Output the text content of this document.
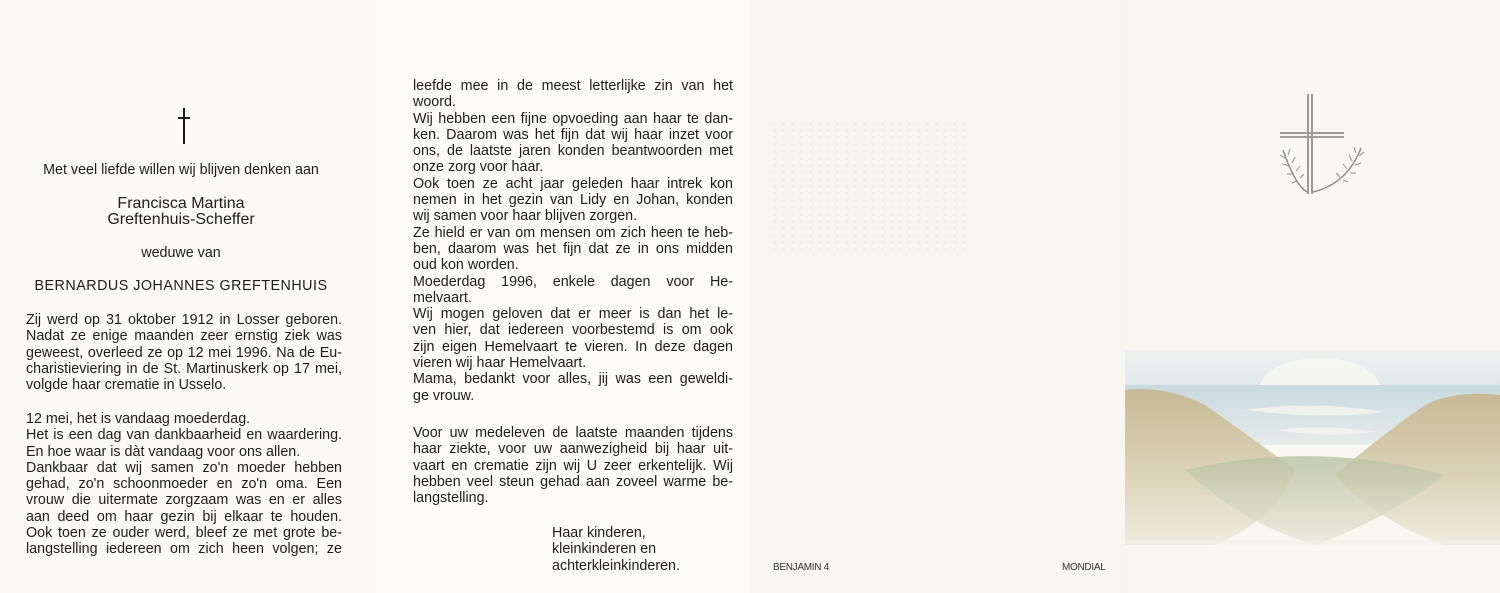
Met veel liefde willen wij blijven denken aan
Francisca Martina
Greftenhuis-Scheffer
weduwe van
BERNARDUS JOHANNES GREFTENHUIS
Zij werd op 31 oktober 1912 in Losser geboren.
Nadat ze enige maanden zeer ernstig ziek was
geweest, overleed ze op 12 mei 1996. Na de Eu-
charistieviering in de St. Martinuskerk op 17 mei,
volgde haar crematie in Usselo.
12 mei, het is vandaag moederdag.
Het is een dag van dankbaarheid en waardering.
En hoe waar is dàt vandaag voor ons allen.
Dankbaar dat wij samen zo'n moeder hebben
gehad, zo'n schoonmoeder en zo'n oma. Een
vrouw die uitermate zorgzaam was en er alles
aan deed om haar gezin bij elkaar te houden.
Ook toen ze ouder werd, bleef ze met grote be-
langstelling iedereen om zich heen volgen; ze
leefde mee in de meest letterlijke zin van het
woord.
Wij hebben een fijne opvoeding aan haar te dan-
ken. Daarom was het fijn dat wij haar inzet voor
ons, de laatste jaren konden beantwoorden met
onze zorg voor haar.
Ook toen ze acht jaar geleden haar intrek kon
nemen in het gezin van Lidy en Johan, konden
wij samen voor haar blijven zorgen.
Ze hield er van om mensen om zich heen te heb-
ben, daarom was het fijn dat ze in ons midden
oud kon worden.
Moederdag 1996, enkele dagen voor He-
melvaart.
Wij mogen geloven dat er meer is dan het le-
ven hier, dat iedereen voorbestemd is om ook
zijn eigen Hemelvaart te vieren. In deze dagen
vieren wij haar Hemelvaart.
Mama, bedankt voor alles, jij was een geweldi-
ge vrouw.
Voor uw medeleven de laatste maanden tijdens
haar ziekte, voor uw aanwezigheid bij haar uit-
vaart en crematie zijn wij U zeer erkentelijk. Wij
hebben veel steun gehad aan zoveel warme be-
langstelling.
Haar kinderen,
kleinkinderen en
achterkleinkinderen.	BENJAMIN 4	MONDIAL
